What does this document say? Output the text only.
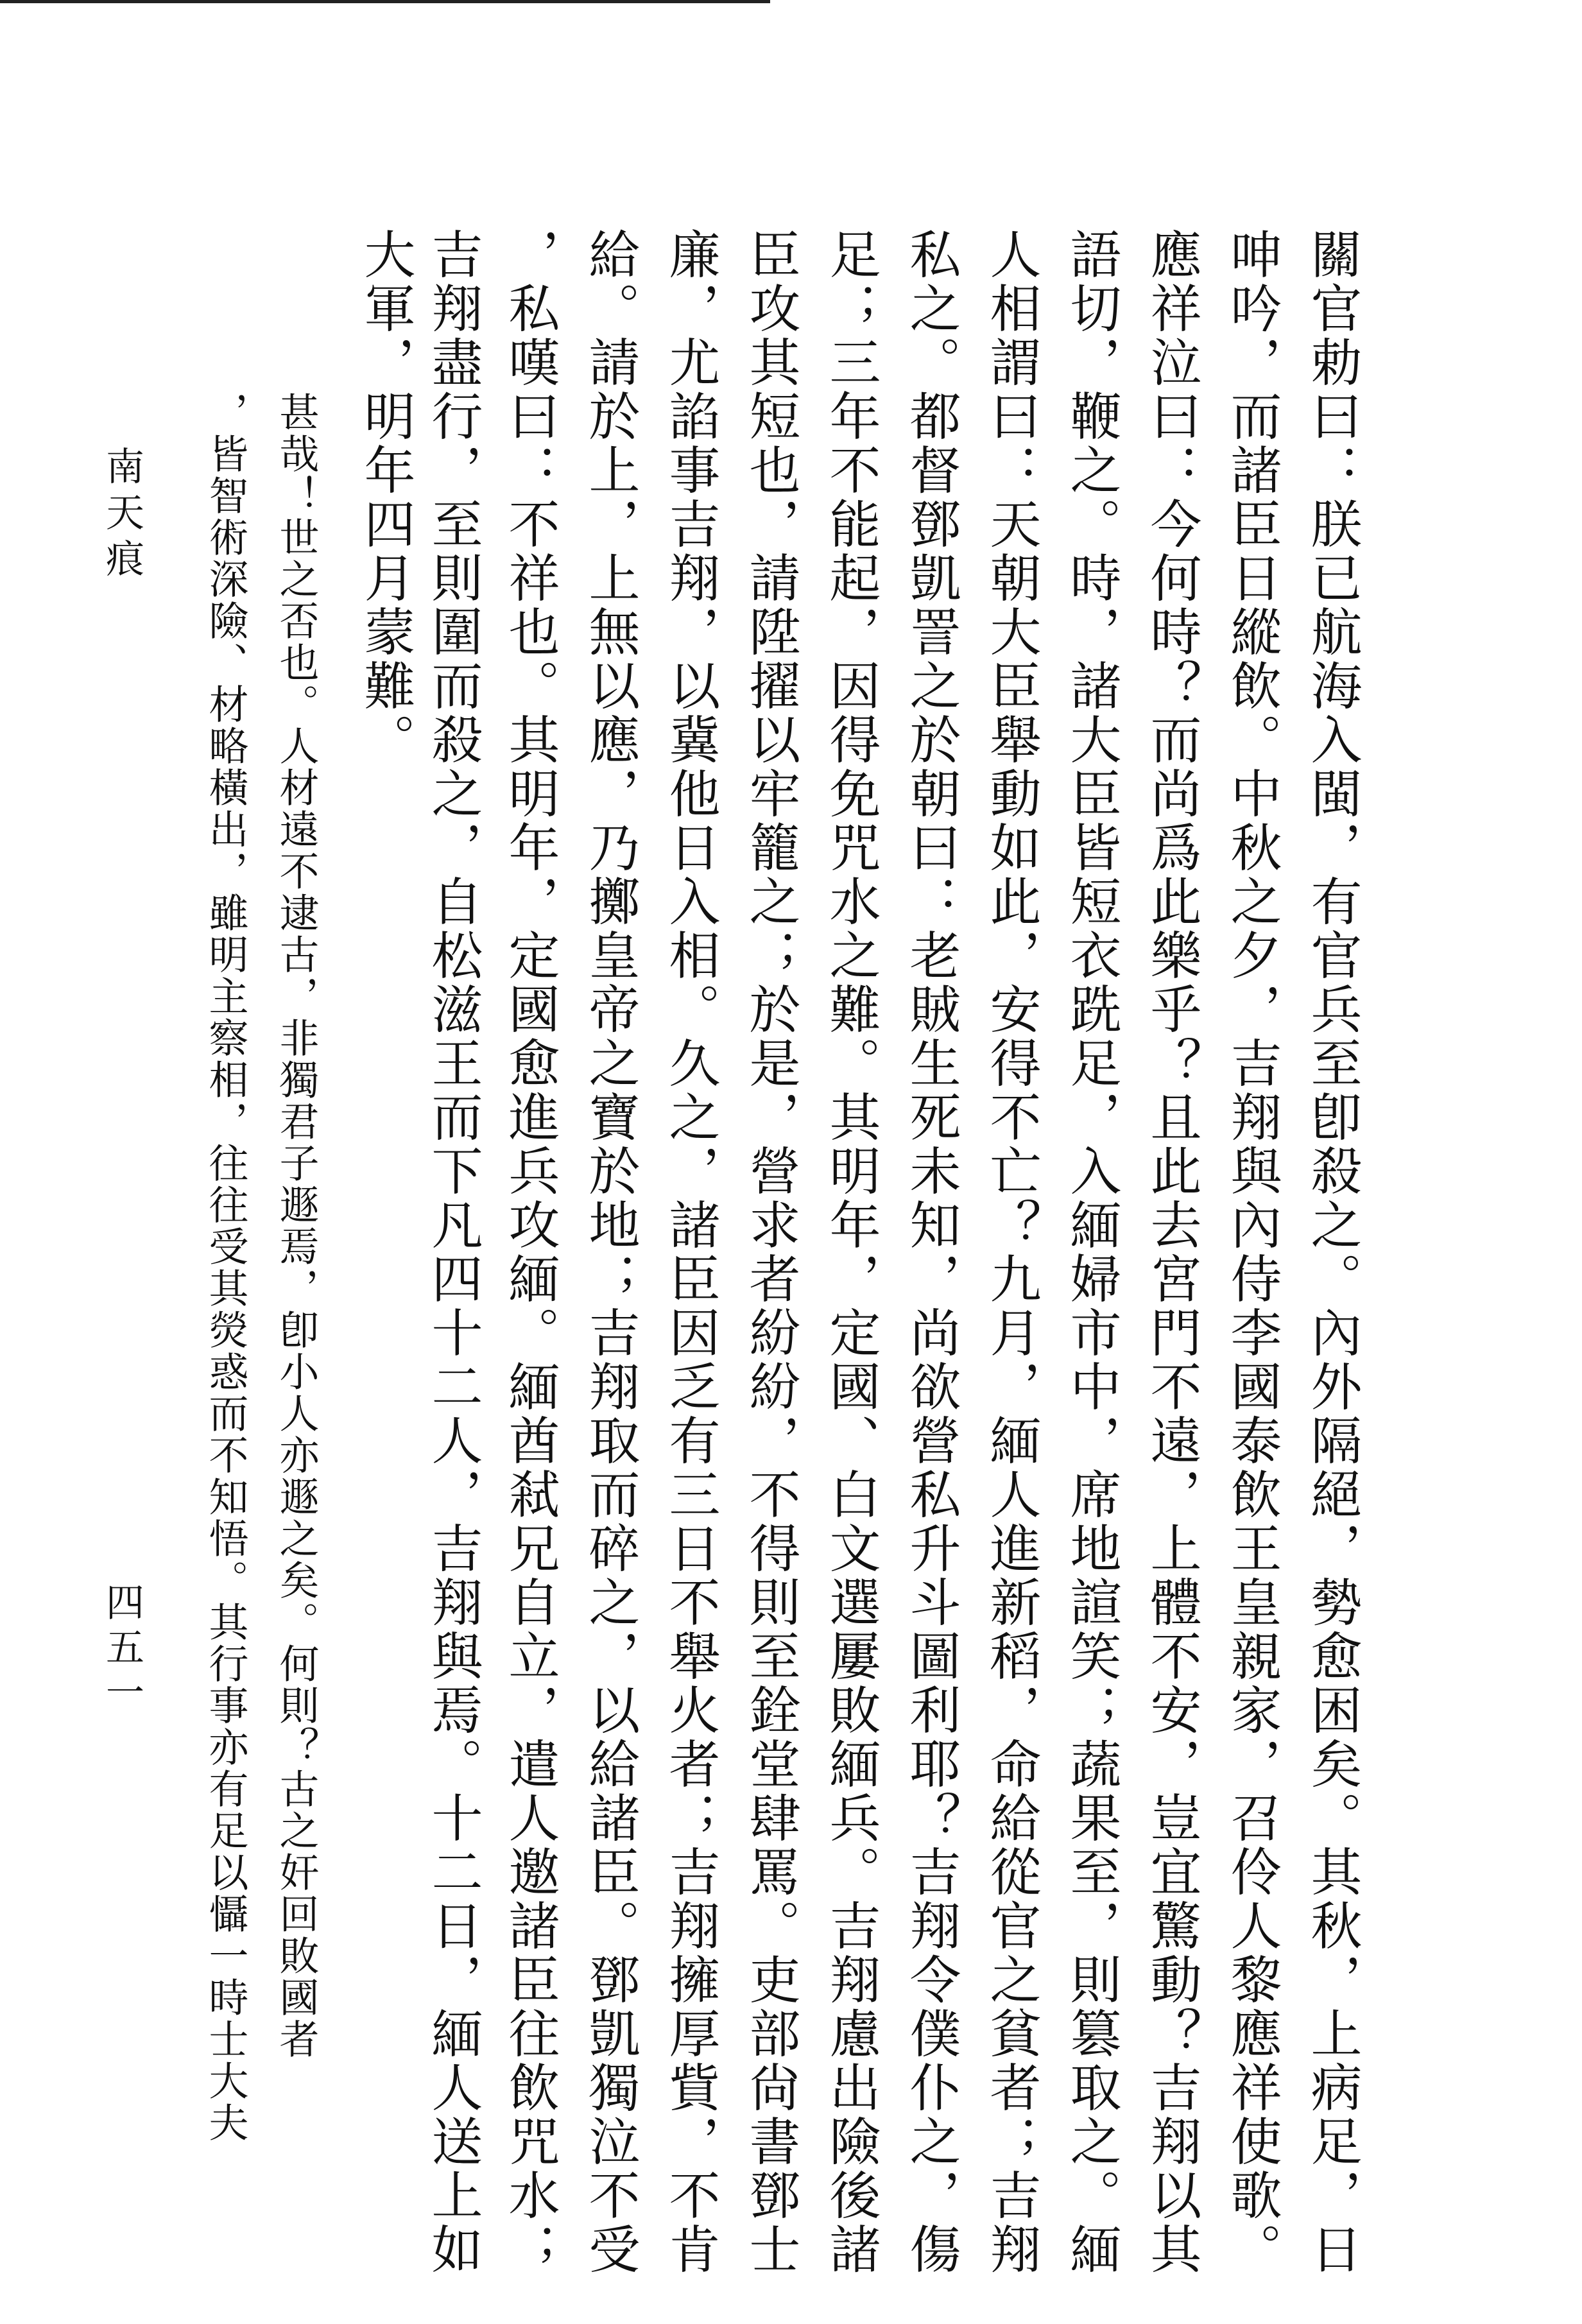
關官勅曰：朕已航海入閩，有官兵至卽殺之。內外隔絕，勢愈困矣。其秋，上病足，日
呻吟，而諸臣日縱飲。中秋之夕，吉翔與內侍李國泰飲王皇親家，召伶人黎應祥使歌。
應祥泣曰：今何時？而尚爲此樂乎？且此去宮門不遠，上體不安，豈宜驚動？吉翔以其
語切，鞭之。時，諸大臣皆短衣跣足，入緬婦市中，席地諠笑；蔬果至，則篡取之。緬
人相謂曰：天朝大臣舉動如此，安得不亡？九月，緬人進新稻，命給從官之貧者；吉翔
私之。都督鄧凱詈之於朝曰：老賊生死未知，尚欲營私升斗圖利耶？吉翔令僕仆之，傷
足；三年不能起，因得免咒水之難。其明年，定國、白文選屢敗緬兵。吉翔慮出險後諸
臣攻其短也，請陞擢以牢籠之；於是，營求者紛紛，不得則至銓堂肆罵。吏部尙書鄧士
廉，尤諂事吉翔，以冀他日入相。久之，諸臣因乏有三日不舉火者；吉翔擁厚貲，不肯
給。請於上，上無以應，乃擲皇帝之寶於地；吉翔取而碎之，以給諸臣。鄧凱獨泣不受
，私嘆曰：不祥也。其明年，定國愈進兵攻緬。緬酋弒兄自立，遣人邀諸臣往飲咒水；
吉翔盡行，至則圍而殺之，自松滋王而下凡四十二人，吉翔與焉。十二日，緬人送上如
大軍，明年四月蒙難。
甚哉！世之否也。人材遠不逮古，非獨君子遯焉，卽小人亦遯之矣。何則？古之奸回敗國者
，皆智術深險、材略橫出，雖明主察相，往往受其熒惑而不知悟。其行事亦有足以懾一時士大夫
南天痕
四五一
